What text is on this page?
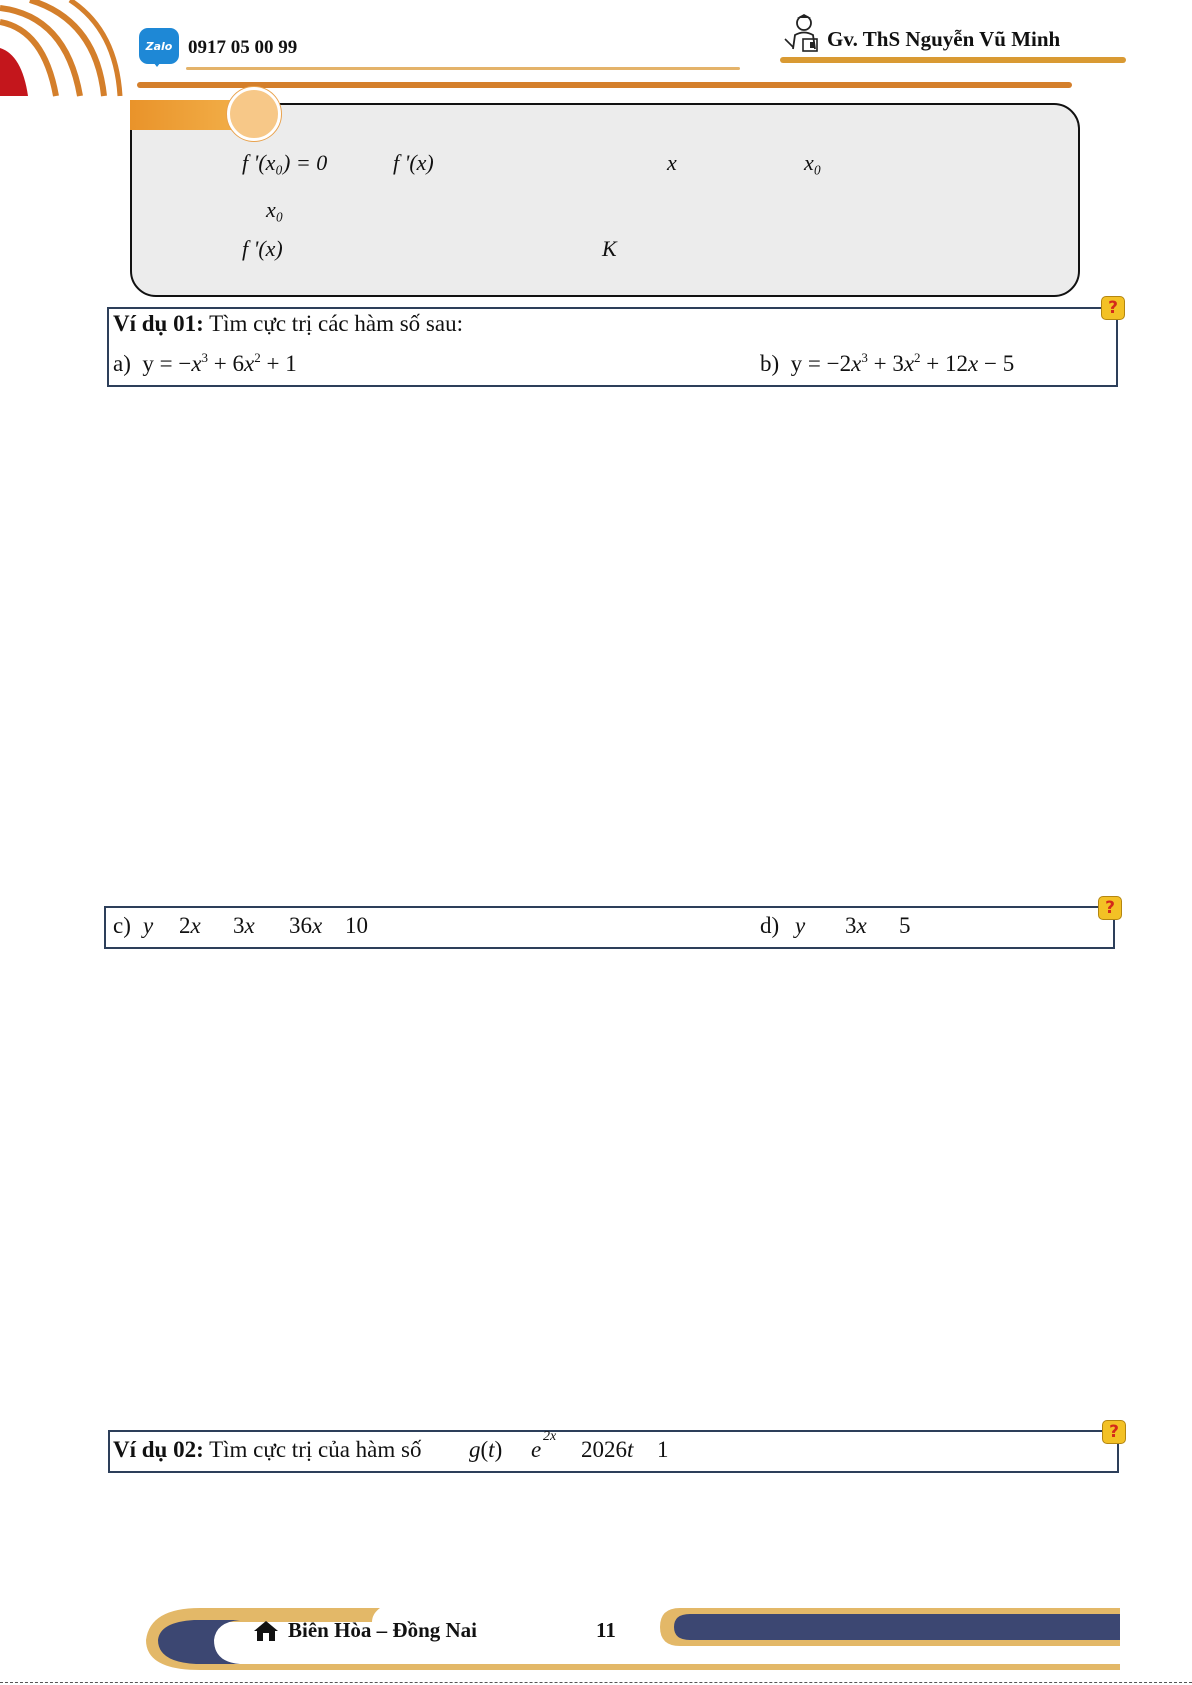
Zalo 0917 05 00 99	Gv. ThS Nguyễn Vũ Minh
f '(x₀) = 0	f '(x)	x	x₀
x₀
f '(x)	K
?
Ví dụ 01: Tìm cực trị các hàm số sau:
a)  $y = -x^3 + 6x^2 + 1$	b)  $y = -2x^3 + 3x^2 + 12x - 5$
?
c) y 2x 3x 36x 10	d) y 3x 5
?
Ví dụ 02: Tìm cực trị của hàm số g(t) e
2x
2026t 1
Biên Hòa – Đồng Nai	11
